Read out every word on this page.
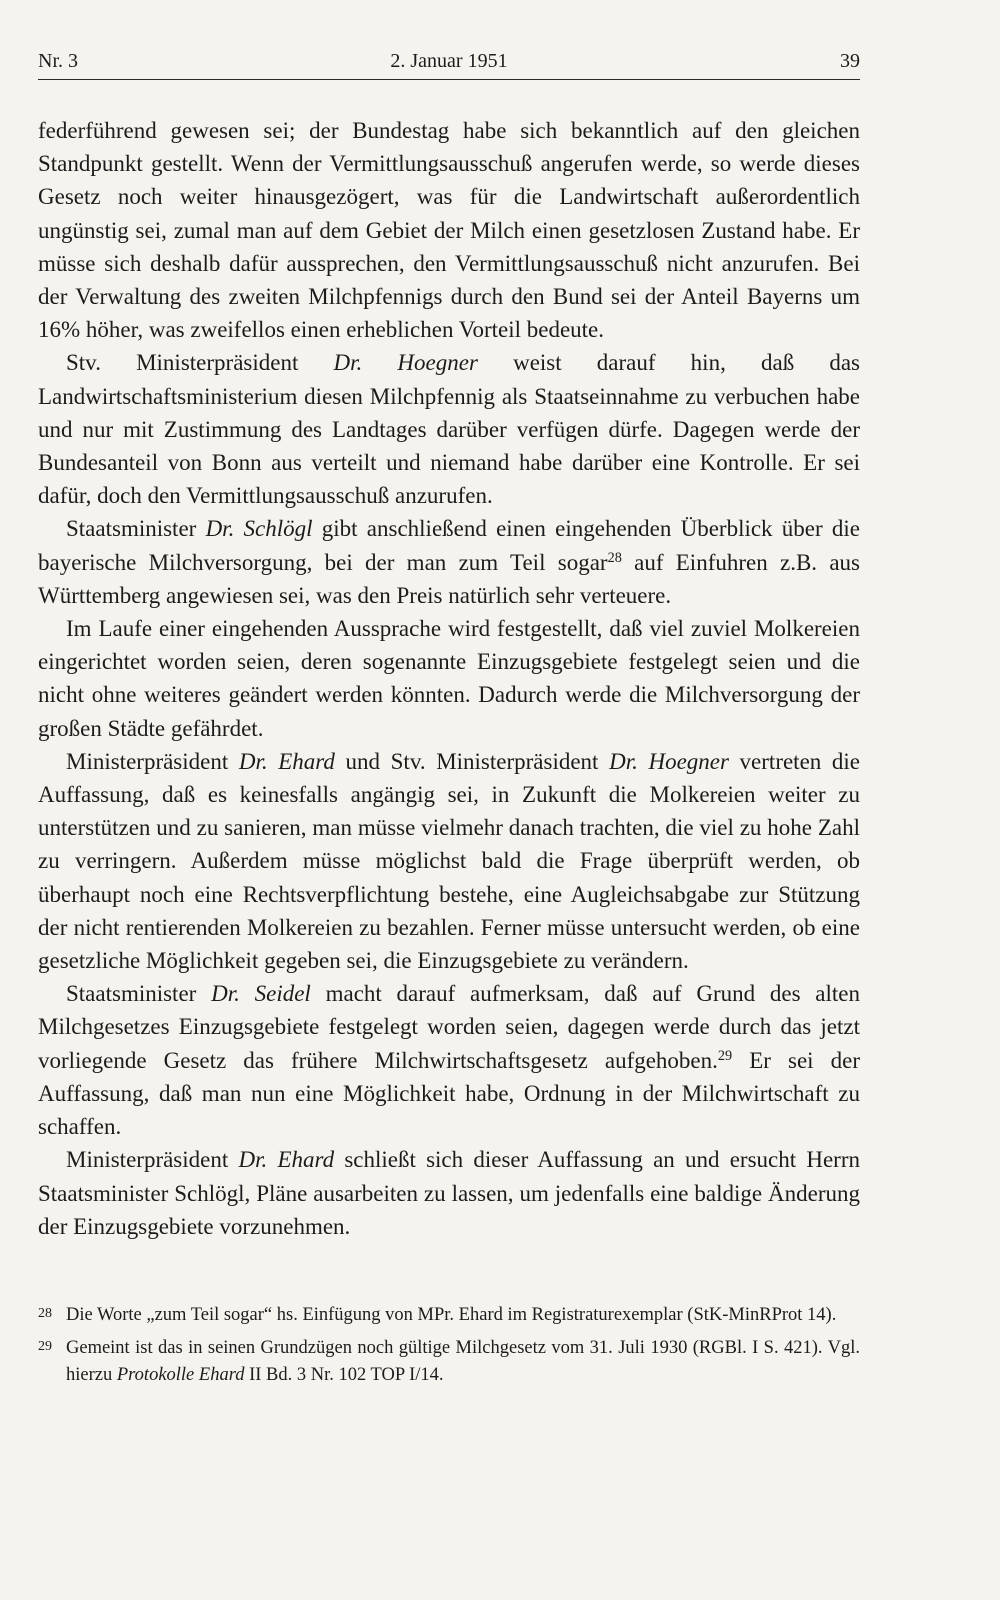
Nr. 3	2. Januar 1951	39

federführend gewesen sei; der Bundestag habe sich bekanntlich auf den gleichen Standpunkt gestellt. Wenn der Vermittlungsausschuß angerufen werde, so werde dieses Gesetz noch weiter hinausgezögert, was für die Landwirtschaft außerordentlich ungünstig sei, zumal man auf dem Gebiet der Milch einen gesetzlosen Zustand habe. Er müsse sich deshalb dafür aussprechen, den Vermittlungsausschuß nicht anzurufen. Bei der Verwaltung des zweiten Milchpfennigs durch den Bund sei der Anteil Bayerns um 16% höher, was zweifellos einen erheblichen Vorteil bedeute.

Stv. Ministerpräsident Dr. Hoegner weist darauf hin, daß das Landwirtschaftsministerium diesen Milchpfennig als Staatseinnahme zu verbuchen habe und nur mit Zustimmung des Landtages darüber verfügen dürfe. Dagegen werde der Bundesanteil von Bonn aus verteilt und niemand habe darüber eine Kontrolle. Er sei dafür, doch den Vermittlungsausschuß anzurufen.

Staatsminister Dr. Schlögl gibt anschließend einen eingehenden Überblick über die bayerische Milchversorgung, bei der man zum Teil sogar$^{28}$ auf Einfuhren z.B. aus Württemberg angewiesen sei, was den Preis natürlich sehr verteuere.

Im Laufe einer eingehenden Aussprache wird festgestellt, daß viel zuviel Molkereien eingerichtet worden seien, deren sogenannte Einzugsgebiete festgelegt seien und die nicht ohne weiteres geändert werden könnten. Dadurch werde die Milchversorgung der großen Städte gefährdet.

Ministerpräsident Dr. Ehard und Stv. Ministerpräsident Dr. Hoegner vertreten die Auffassung, daß es keinesfalls angängig sei, in Zukunft die Molkereien weiter zu unterstützen und zu sanieren, man müsse vielmehr danach trachten, die viel zu hohe Zahl zu verringern. Außerdem müsse möglichst bald die Frage überprüft werden, ob überhaupt noch eine Rechtsverpflichtung bestehe, eine Augleichsabgabe zur Stützung der nicht rentierenden Molkereien zu bezahlen. Ferner müsse untersucht werden, ob eine gesetzliche Möglichkeit gegeben sei, die Einzugsgebiete zu verändern.

Staatsminister Dr. Seidel macht darauf aufmerksam, daß auf Grund des alten Milchgesetzes Einzugsgebiete festgelegt worden seien, dagegen werde durch das jetzt vorliegende Gesetz das frühere Milchwirtschaftsgesetz aufgehoben.$^{29}$ Er sei der Auffassung, daß man nun eine Möglichkeit habe, Ordnung in der Milchwirtschaft zu schaffen.

Ministerpräsident Dr. Ehard schließt sich dieser Auffassung an und ersucht Herrn Staatsminister Schlögl, Pläne ausarbeiten zu lassen, um jedenfalls eine baldige Änderung der Einzugsgebiete vorzunehmen.

28 Die Worte „zum Teil sogar“ hs. Einfügung von MPr. Ehard im Registraturexemplar (StK-MinRProt 14).
29 Gemeint ist das in seinen Grundzügen noch gültige Milchgesetz vom 31. Juli 1930 (RGBl. I S. 421). Vgl. hierzu Protokolle Ehard II Bd. 3 Nr. 102 TOP I/14.
